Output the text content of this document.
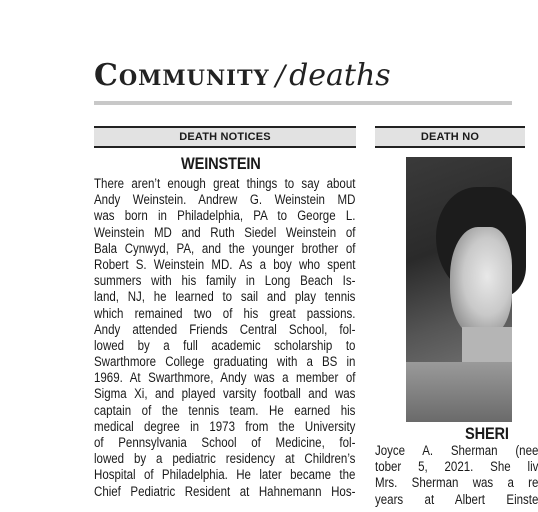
Community / deaths
DEATH NOTICES	DEATH NO
WEINSTEIN
There aren’t enough great things to say about
Andy Weinstein. Andrew G. Weinstein MD
was born in Philadelphia, PA to George L.
Weinstein MD and Ruth Siedel Weinstein of
Bala Cynwyd, PA, and the younger brother of
Robert S. Weinstein MD. As a boy who spent
summers with his family in Long Beach Is-
land, NJ, he learned to sail and play tennis
which remained two of his great passions.
Andy attended Friends Central School, fol-
lowed by a full academic scholarship to
Swarthmore College graduating with a BS in
1969. At Swarthmore, Andy was a member of
Sigma Xi, and played varsity football and was
captain of the tennis team. He earned his
medical degree in 1973 from the University
of Pennsylvania School of Medicine, fol-
lowed by a pediatric residency at Children’s
Hospital of Philadelphia. He later became the
Chief Pediatric Resident at Hahnemann Hos-
SHERI
Joyce A. Sherman (nee
tober 5, 2021. She liv
Mrs. Sherman was a re
years at Albert Einste
